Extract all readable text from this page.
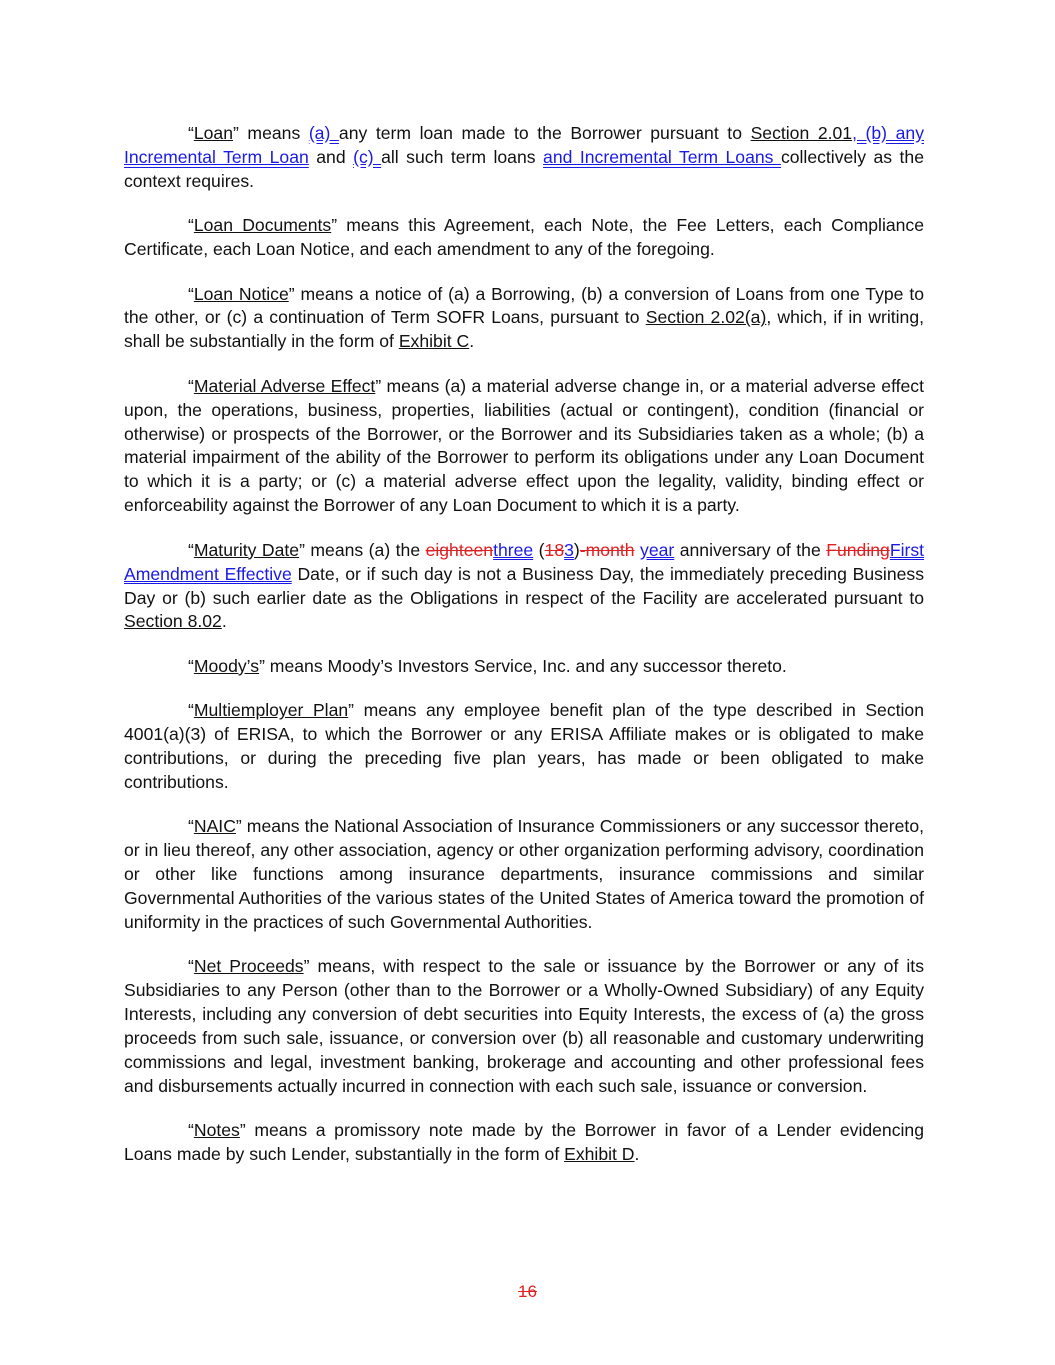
“Loan” means (a) any term loan made to the Borrower pursuant to Section 2.01, (b) any Incremental Term Loan and (c) all such term loans and Incremental Term Loans collectively as the context requires.

“Loan Documents” means this Agreement, each Note, the Fee Letters, each Compliance Certificate, each Loan Notice, and each amendment to any of the foregoing.

“Loan Notice” means a notice of (a) a Borrowing, (b) a conversion of Loans from one Type to the other, or (c) a continuation of Term SOFR Loans, pursuant to Section 2.02(a), which, if in writing, shall be substantially in the form of Exhibit C.

“Material Adverse Effect” means (a) a material adverse change in, or a material adverse effect upon, the operations, business, properties, liabilities (actual or contingent), condition (financial or otherwise) or prospects of the Borrower, or the Borrower and its Subsidiaries taken as a whole; (b) a material impairment of the ability of the Borrower to perform its obligations under any Loan Document to which it is a party; or (c) a material adverse effect upon the legality, validity, binding effect or enforceability against the Borrower of any Loan Document to which it is a party.

“Maturity Date” means (a) the eighteenthree (183)-month year anniversary of the FundingFirst Amendment Effective Date, or if such day is not a Business Day, the immediately preceding Business Day or (b) such earlier date as the Obligations in respect of the Facility are accelerated pursuant to Section 8.02.

“Moody’s” means Moody’s Investors Service, Inc. and any successor thereto.

“Multiemployer Plan” means any employee benefit plan of the type described in Section 4001(a)(3) of ERISA, to which the Borrower or any ERISA Affiliate makes or is obligated to make contributions, or during the preceding five plan years, has made or been obligated to make contributions.

“NAIC” means the National Association of Insurance Commissioners or any successor thereto, or in lieu thereof, any other association, agency or other organization performing advisory, coordination or other like functions among insurance departments, insurance commissions and similar Governmental Authorities of the various states of the United States of America toward the promotion of uniformity in the practices of such Governmental Authorities.

“Net Proceeds” means, with respect to the sale or issuance by the Borrower or any of its Subsidiaries to any Person (other than to the Borrower or a Wholly-Owned Subsidiary) of any Equity Interests, including any conversion of debt securities into Equity Interests, the excess of (a) the gross proceeds from such sale, issuance, or conversion over (b) all reasonable and customary underwriting commissions and legal, investment banking, brokerage and accounting and other professional fees and disbursements actually incurred in connection with each such sale, issuance or conversion.

“Notes” means a promissory note made by the Borrower in favor of a Lender evidencing Loans made by such Lender, substantially in the form of Exhibit D.

16
